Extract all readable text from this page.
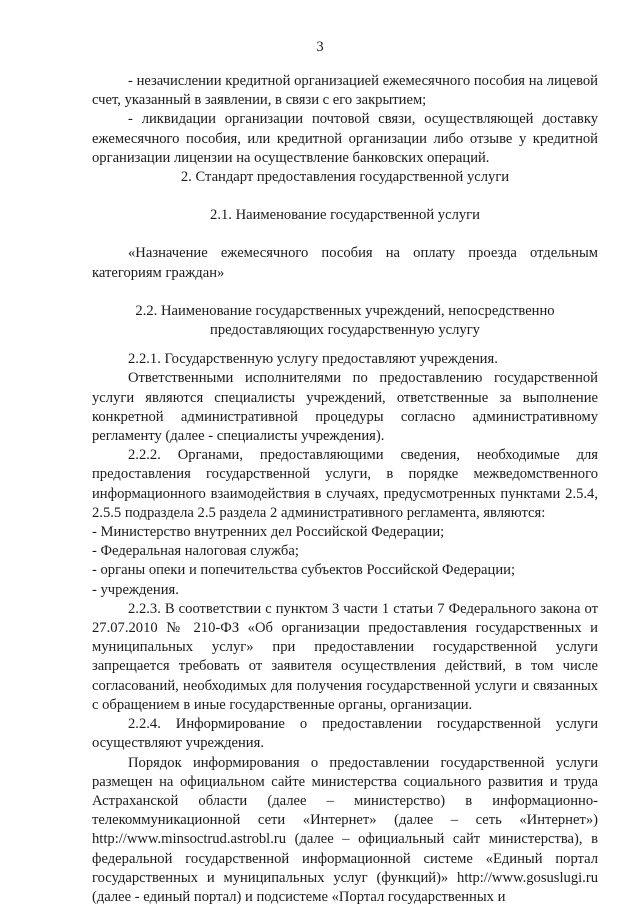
3

- незачислении кредитной организацией ежемесячного пособия на лицевой счет, указанный в заявлении, в связи с его закрытием;

- ликвидации организации почтовой связи, осуществляющей доставку ежемесячного пособия, или кредитной организации либо отзыве у кредитной организации лицензии на осуществление банковских операций.

2. Стандарт предоставления государственной услуги

2.1. Наименование государственной услуги

«Назначение ежемесячного пособия на оплату проезда отдельным категориям граждан»

2.2. Наименование государственных учреждений, непосредственно предоставляющих государственную услугу

2.2.1. Государственную услугу предоставляют учреждения.

Ответственными исполнителями по предоставлению государственной услуги являются специалисты учреждений, ответственные за выполнение конкретной административной процедуры согласно административному регламенту (далее - специалисты учреждения).

2.2.2. Органами, предоставляющими сведения, необходимые для предоставления государственной услуги, в порядке межведомственного информационного взаимодействия в случаях, предусмотренных пунктами 2.5.4, 2.5.5 подраздела 2.5 раздела 2 административного регламента, являются:

- Министерство внутренних дел Российской Федерации;

- Федеральная налоговая служба;

- органы опеки и попечительства субъектов Российской Федерации;

- учреждения.

2.2.3. В соответствии с пунктом 3 части 1 статьи 7 Федерального закона от 27.07.2010 № 210-ФЗ «Об организации предоставления государственных и муниципальных услуг» при предоставлении государственной услуги запрещается требовать от заявителя осуществления действий, в том числе согласований, необходимых для получения государственной услуги и связанных с обращением в иные государственные органы, организации.

2.2.4. Информирование о предоставлении государственной услуги осуществляют учреждения.

Порядок информирования о предоставлении государственной услуги размещен на официальном сайте министерства социального развития и труда Астраханской области (далее – министерство) в информационно-телекоммуникационной сети «Интернет» (далее – сеть «Интернет») http://www.minsoctrud.astrobl.ru (далее – официальный сайт министерства), в федеральной государственной информационной системе «Единый портал государственных и муниципальных услуг (функций)» http://www.gosuslugi.ru (далее - единый портал) и подсистеме «Портал государственных и
